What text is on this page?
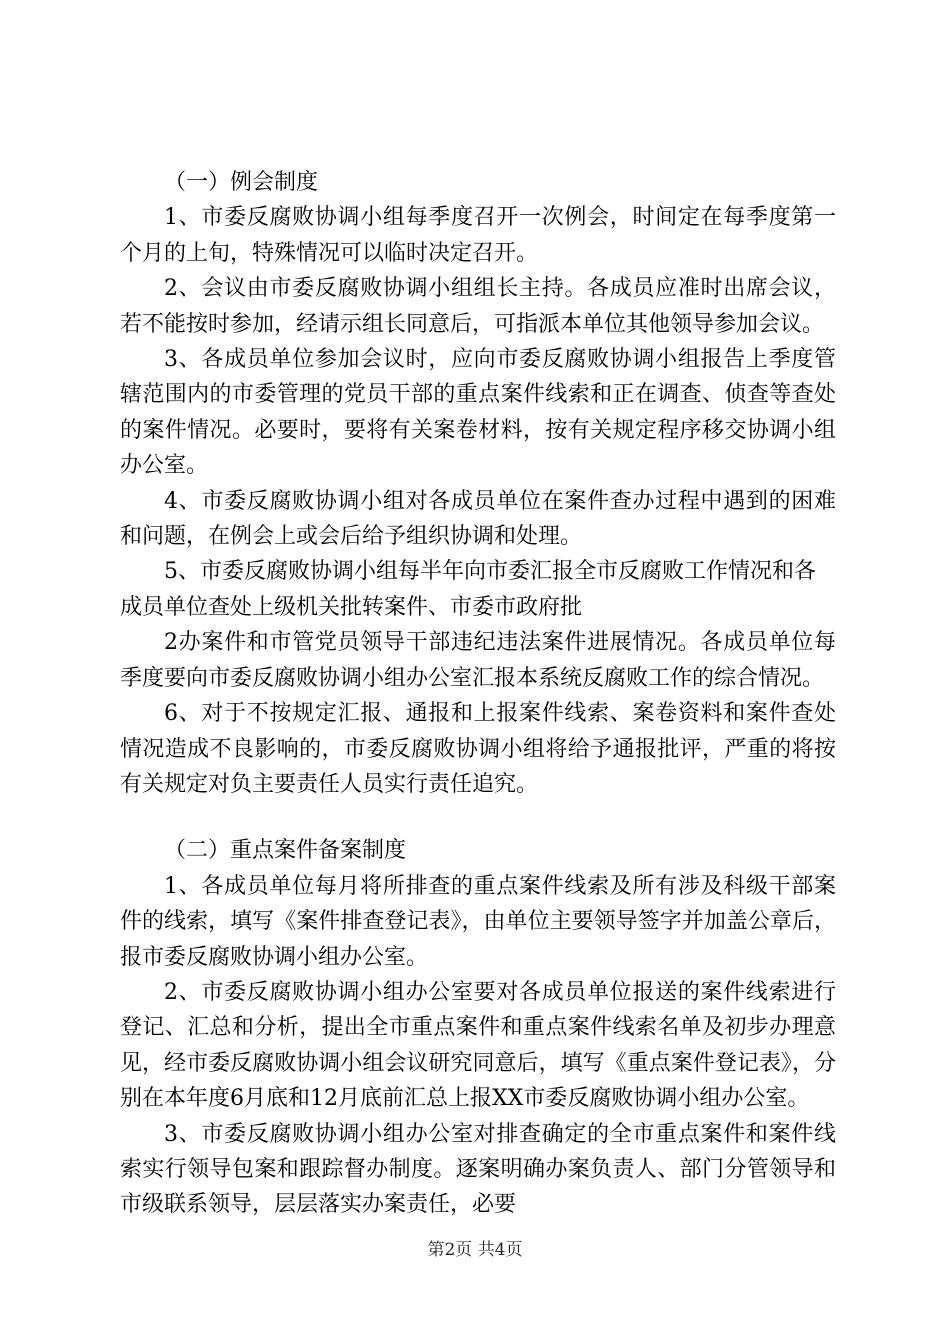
（一）例会制度

1、市委反腐败协调小组每季度召开一次例会，时间定在每季度第一个月的上旬，特殊情况可以临时决定召开。

2、会议由市委反腐败协调小组组长主持。各成员应准时出席会议，若不能按时参加，经请示组长同意后，可指派本单位其他领导参加会议。

3、各成员单位参加会议时，应向市委反腐败协调小组报告上季度管辖范围内的市委管理的党员干部的重点案件线索和正在调查、侦查等查处的案件情况。必要时，要将有关案卷材料，按有关规定程序移交协调小组办公室。

4、市委反腐败协调小组对各成员单位在案件查办过程中遇到的困难和问题，在例会上或会后给予组织协调和处理。

5、市委反腐败协调小组每半年向市委汇报全市反腐败工作情况和各成员单位查处上级机关批转案件、市委市政府批

2办案件和市管党员领导干部违纪违法案件进展情况。各成员单位每季度要向市委反腐败协调小组办公室汇报本系统反腐败工作的综合情况。

6、对于不按规定汇报、通报和上报案件线索、案卷资料和案件查处情况造成不良影响的，市委反腐败协调小组将给予通报批评，严重的将按有关规定对负主要责任人员实行责任追究。

（二）重点案件备案制度

1、各成员单位每月将所排查的重点案件线索及所有涉及科级干部案件的线索，填写《案件排查登记表》，由单位主要领导签字并加盖公章后，报市委反腐败协调小组办公室。

2、市委反腐败协调小组办公室要对各成员单位报送的案件线索进行登记、汇总和分析，提出全市重点案件和重点案件线索名单及初步办理意见，经市委反腐败协调小组会议研究同意后，填写《重点案件登记表》，分别在本年度6月底和12月底前汇总上报XX市委反腐败协调小组办公室。

3、市委反腐败协调小组办公室对排查确定的全市重点案件和案件线索实行领导包案和跟踪督办制度。逐案明确办案负责人、部门分管领导和市级联系领导，层层落实办案责任，必要

第2页 共4页
